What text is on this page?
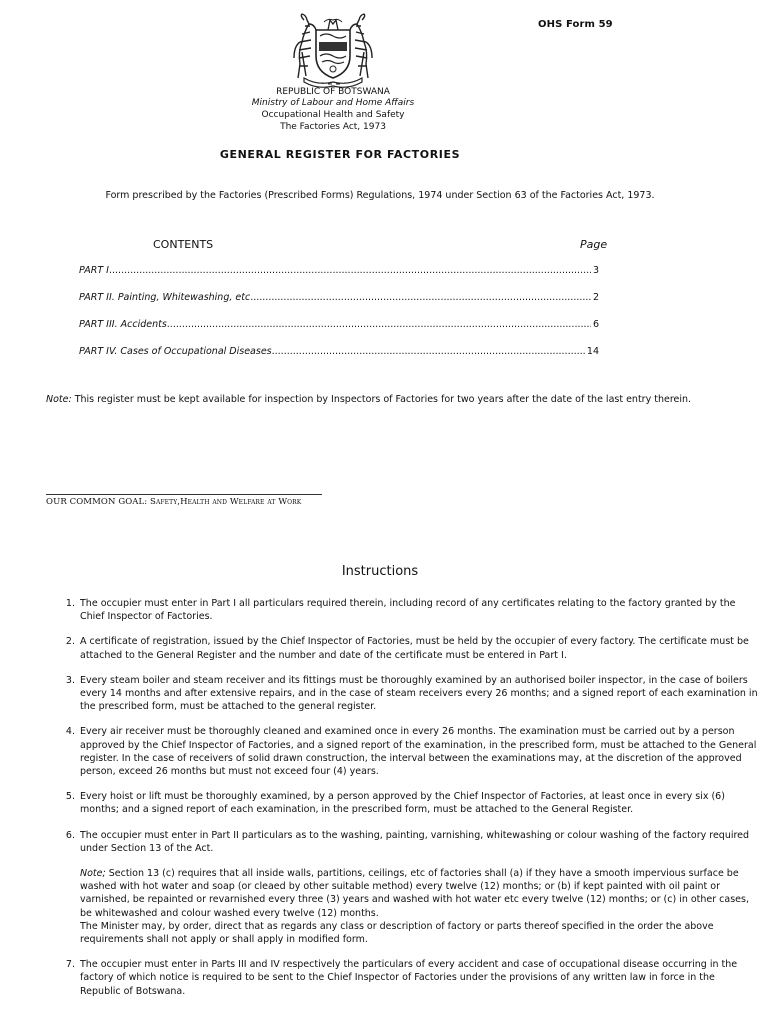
OHS Form 59
REPUBLIC OF BOTSWANA
Ministry of Labour and Home Affairs
Occupational Health and Safety
The Factories Act, 1973
GENERAL REGISTER FOR FACTORIES
Form prescribed by the Factories (Prescribed Forms) Regulations, 1974 under Section 63 of the Factories Act, 1973.
CONTENTS	Page
PART I .....	3
PART II. Painting, Whitewashing, etc .....	2
PART III. Accidents .....	6
PART IV. Cases of Occupational Diseases .....	14
Note: This register must be kept available for inspection by Inspectors of Factories for two years after the date of the last entry therein.
OUR COMMON GOAL: Safety,Health and Welfare at Work
Instructions

1. The occupier must enter in Part I all particulars required therein, including record of any certificates relating to the factory granted by the Chief Inspector of Factories.

2. A certificate of registration, issued by the Chief Inspector of Factories, must be held by the occupier of every factory. The certificate must be attached to the General Register and the number and date of the certificate must be entered in Part I.

3. Every steam boiler and steam receiver and its fittings must be thoroughly examined by an authorised boiler inspector, in the case of boilers every 14 months and after extensive repairs, and in the case of steam receivers every 26 months; and a signed report of each examination in the prescribed form, must be attached to the general register.

4. Every air receiver must be thoroughly cleaned and examined once in every 26 months. The examination must be carried out by a person approved by the Chief Inspector of Factories, and a signed report of the examination, in the prescribed form, must be attached to the General register. In the case of receivers of solid drawn construction, the interval between the examinations may, at the discretion of the approved person, exceed 26 months but must not exceed four (4) years.

5. Every hoist or lift must be thoroughly examined, by a person approved by the Chief Inspector of Factories, at least once in every six (6) months; and a signed report of each examination, in the prescribed form, must be attached to the General Register.

6. The occupier must enter in Part II particulars as to the washing, painting, varnishing, whitewashing or colour washing of the factory required under Section 13 of the Act.

Note; Section 13 (c) requires that all inside walls, partitions, ceilings, etc of factories shall (a) if they have a smooth impervious surface be washed with hot water and soap (or cleaed by other suitable method) every twelve (12) months; or (b) if kept painted with oil paint or varnished, be repainted or revarnished every three (3) years and washed with hot water etc every twelve (12) months; or (c) in other cases, be whitewashed and colour washed every twelve (12) months.
The Minister may, by order, direct that as regards any class or description of factory or parts thereof specified in the order the above requirements shall not apply or shall apply in modified form.

7. The occupier must enter in Parts III and IV respectively the particulars of every accident and case of occupational disease occurring in the factory of which notice is required to be sent to the Chief Inspector of Factories under the provisions of any written law in force in the Republic of Botswana.
